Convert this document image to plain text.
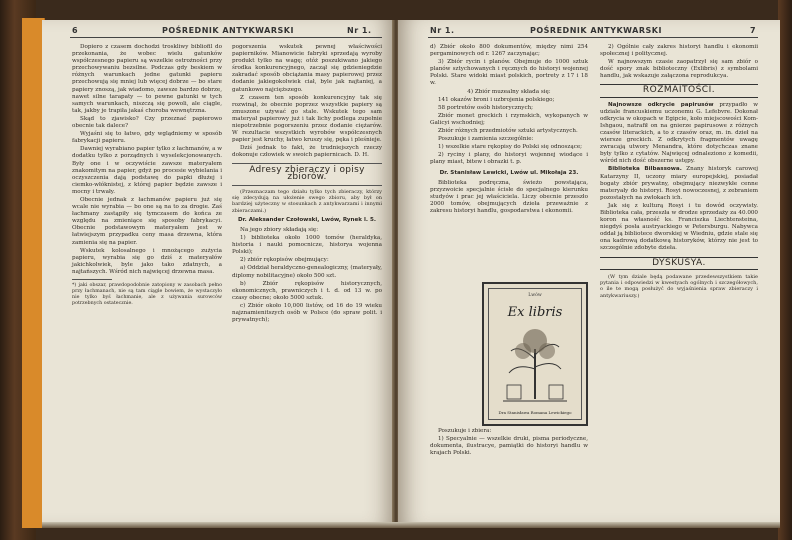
6	POŚREDNIK ANTYKWARSKI	Nr 1.

Dopiero z czasem dochodzi troskliwy bibliofil do przekonania, że wobec wielu gatunków współczesnego papieru są wszelkie ostrożności przy przechowywaniu bezsilne. Podczas gdy beskiem w różnych warunkach jedne gatunki papieru przechowują się mniej lub więcej dobrze — bo stare papiery znoszą, jak wiadomo, zawsze bardzo dobrze, nawet silne tarapaty — to pewne gatunki w tych samych warunkach, niszczą się powoli, ale ciągle, tak, jakby je trapiła jakaś choroba wewnętrzna.

Skąd to zjawisko? Czy przeznać papierowo obecnie tak dalece?

Wyjaśni się to łatwo, gdy wglądniemy w sposób fabrykacji papieru.

Dawniej wyrabiano papier tylko z łachmanów, a w dodatku tylko z porządnych i wyselekcjonowanych. Były one i w oczywiście zawsze materyałem znakomitym na papier, gdyż po procesie wybielania i oczyszczenia dają podstawę do papki dłużej i ciemko-włóknistej, z której papier będzie zawsze i mocny i trwały.

Obecnie jednak z łachmanów papieru już się wcale nie wyrabia — bo one są na to za drogie. Zaś łachmany zastąpiły się tymczasem do końca ze względu na zmieniące się sposoby fabrykacyi. Obecnie podstawowym materyałem jest w łatwiejszym przypadku ceny masa drzewna, która zamienia się na papier.

Wskutek kolosalnego i mnożącego zużycia papieru, wyrabia się go dziś z materyałów jakichkolwiek, byle jako tako zdatnych, a najtańszych. Wśród nich najwięcej drzewna masa.

*) jaki obszar, prawdopodobnie zatopiony w zasobach pełno przy łachmanach, nie są tam ciągle bowiem, że wystaczyło nie tylko byś łachmanie, ale z używania surowców potrzebnych ostatecznie.

pogorszenia wskutek pewnej właściwości papierników. Mianowicie fabryki sprzedają wyroby produkt tylko na wagę; otóż poszukiwano jakiego środka konkurencyjnego, zaczął się gdzieniegdzie zakradać sposób obciążania masy papierowej przez dodanie jakiegokolwiek ciał, byle jak najtaniej, a gatunkowo najcięższego.

Z czasem ten sposób konkurencyjny tak się rozwinął, że obecnie poprzez wszystkie papiery są zmuszone używać go stale. Wskutek tego sam materyał papierowy już i tak lichy podlega zupełnie niepotrzebnie pogorszeniu przez dodanie ciężarów. W rezultacie wszystkich wyrobów współczesnych papier jest kruchy, łatwo kruszy się, pęka i pleśnieje.

Dziś jednak to fakt, że trudniejszych rzeczy dokonuje człowiek w swoich papiernicach. D. H.

Adresy zbieraczy i opisy zbiorów.

(Przeznaczam tego działu tylko tych zbieraczy, którzy się zdecydują na ułożenie swego zbioru, aby był on bardziej użyteczny w stosunkach z antykwarzami i innymi zbieraczami.)

Dr. Aleksander Czołowski, Lwów, Rynek l. 5.

Na jego zbiory składają się:

1) biblioteka około 1000 tomów (heraldyka, historia i nauki pomocnicze, historya wojenna Polski);

2) zbiór rękopisów obejmujący:

a) Oddział heraldyczno-genealogiczny, (materyały, diplomy nobilitacyjne) około 500 szt.

b) Zbiór rękopisów historycznych, ekonomicznych, prawniczych i t. d. od 13 w. po czasy obecne; około 5000 sztuk.

c) Zbiór około 10,000 listów, od 16 do 19 wieku najznamienitszych osób w Polsce (do spraw polit. i prywatnych);

Nr 1.	POŚREDNIK ANTYKWARSKI	7

d) Zbiór około 800 dokumentów, między nimi 254 pergaminowych od r. 1267 zaczynając;

3) Zbiór rycin i planów. Obejmuje do 1000 sztuk planów sztychowanych i ręcznych do historyi wojennej Polski. Stare widoki miast polskich, portrety z 17 i 18 w.

4) Zbiór muzealny składa się:

141 okazów broni i uzbrojenia polskiego;

58 portretów osób historycznych;

Zbiór monet greckich i rzymskich, wykopanych w Galicyi wschodniej;

Zbiór różnych przedmiotów sztuki artystycznych.

Poszukuje i zamienia szczególnie:

1) wszelkie stare rękopisy do Polski się odnoszące;

2) ryciny i plany, do historyi wojennej wiodące i plany miast, bitew i obrazki t. p.

Dr. Stanisław Lewicki, Lwów ul. Mikołaja 23.

Biblioteka podręczna, świeżo powstająca, przyzwoicie specjalnie ścisłe do specjalnego kierunku studyów i prac jej właściciela. Liczy obecnie przeszło 2000 tomów, obejmujących dzieła przeważnie z zakresu historyi handlu, gospodarstwa i ekonomii.

Poszukuje i zbiera:

1) Specyalnie — wszelkie druki, pisma periodyczne, dokumenta, ilustracye, pamiątki do historyi handlu w krajach Polski.

Lwów
Ex libris
Dra Stanisława Romana Lewickiego

2) Ogólnie cały zakres historyi handlu i ekonomii społecznej i politycznej.

W najnowszym czasie zaopatrzył się sam zbiór o dość spory znak biblioteczny (Exlibris) z symbolami handlu, jak wskazuje załączona reprodukcya.

ROZMAITOŚCI.

Najnowsze odkrycie papirusów przypadło w udziale francuskiemu uczonemu G. Lefebvre. Dokonał odkrycia w okopach w Egipcie, koło miejscowości Kom-Ishgaou, natrafił on na gnierze papirusowe z różnych czasów literackich, a to z czasów oraz, m. in. dzieł na wiersze greckich. Z odkrytych fragmentów uwagę zwracają utwory Menandra, które dotychczas znane były tylko z cytatów. Najwięcej odnaleziono z komedii, wśród nich dość obszerne ustępy.

Biblioteka Bilbassowa. Znany historyk carowej Katarzyny II, uczony miary europejskiej, posiadał bogaty zbiór prywatny, obejmujący niezwykłe cenne materyały do historyi. Rosyi nowoczesnej, z zebraniem pozostałych na zwłokach ich.

Jak się z kulturą Rosyi i tu dowód oczywisty. Biblioteka cała, przeszła w drodze sprzedaży za 40.000 koron na własność ks. Franciszka Liechtensteina, niegdyś posła austryackiego w Petersburgu. Nabywca oddał ją bibliotece dworskiej w Wiedniu, gdzie stale się ona kadrową dodatkową historyków, którzy nie jest to szczególnie zdobyte dzieła.

DYSKUSYA.

(W tym dziale będą podawane przedewszystkiem takie pytania i odpowiedzi w kwestyach ogólnych i szczegółowych, o ile te mogą posłużyć do wyjaśnienia spraw zbieraczy i antykwariuszy.)
